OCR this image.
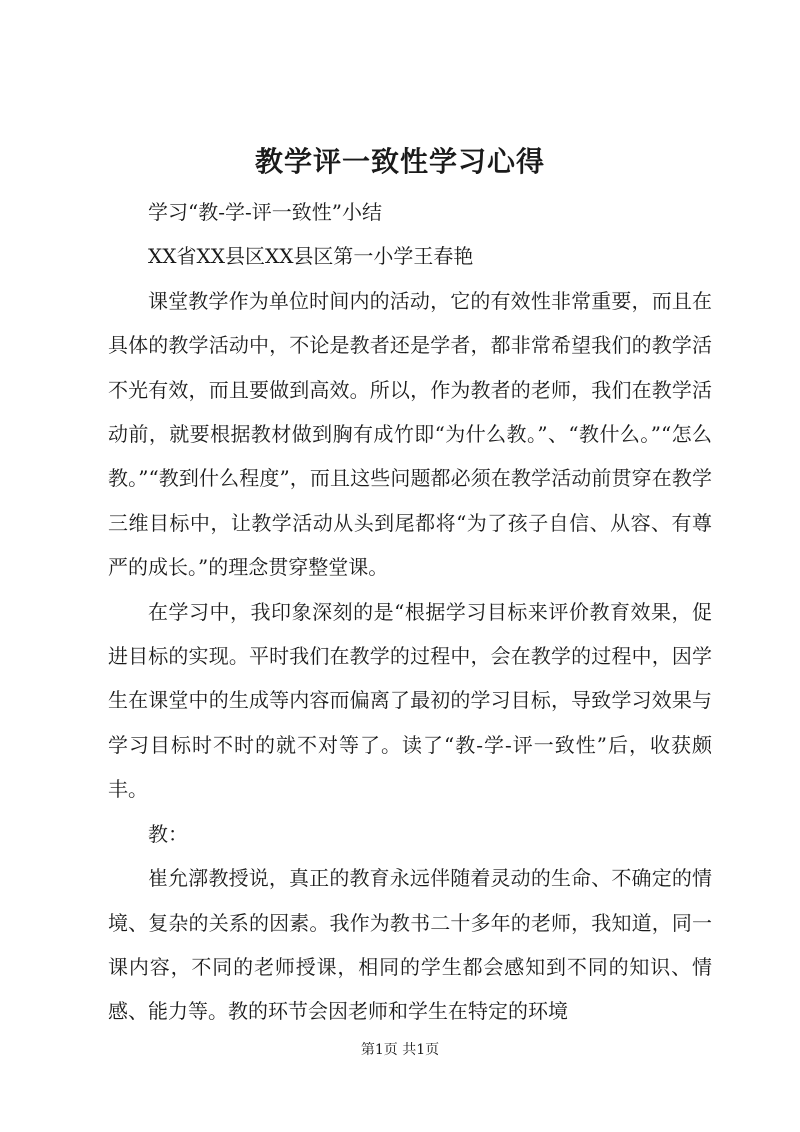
教学评一致性学习心得

学习“教-学-评一致性”小结

XX省XX县区XX县区第一小学王春艳

课堂教学作为单位时间内的活动，它的有效性非常重要，而且在具体的教学活动中，不论是教者还是学者，都非常希望我们的教学活不光有效，而且要做到高效。所以，作为教者的老师，我们在教学活动前，就要根据教材做到胸有成竹即“为什么教。”、“教什么。”“怎么教。”“教到什么程度”，而且这些问题都必须在教学活动前贯穿在教学三维目标中，让教学活动从头到尾都将“为了孩子自信、从容、有尊严的成长。”的理念贯穿整堂课。

在学习中，我印象深刻的是“根据学习目标来评价教育效果，促进目标的实现。平时我们在教学的过程中，会在教学的过程中，因学生在课堂中的生成等内容而偏离了最初的学习目标，导致学习效果与学习目标时不时的就不对等了。读了“教-学-评一致性”后，收获颇丰。

教：

崔允漷教授说，真正的教育永远伴随着灵动的生命、不确定的情境、复杂的关系的因素。我作为教书二十多年的老师，我知道，同一课内容，不同的老师授课，相同的学生都会感知到不同的知识、情感、能力等。教的环节会因老师和学生在特定的环境

第1页 共1页
